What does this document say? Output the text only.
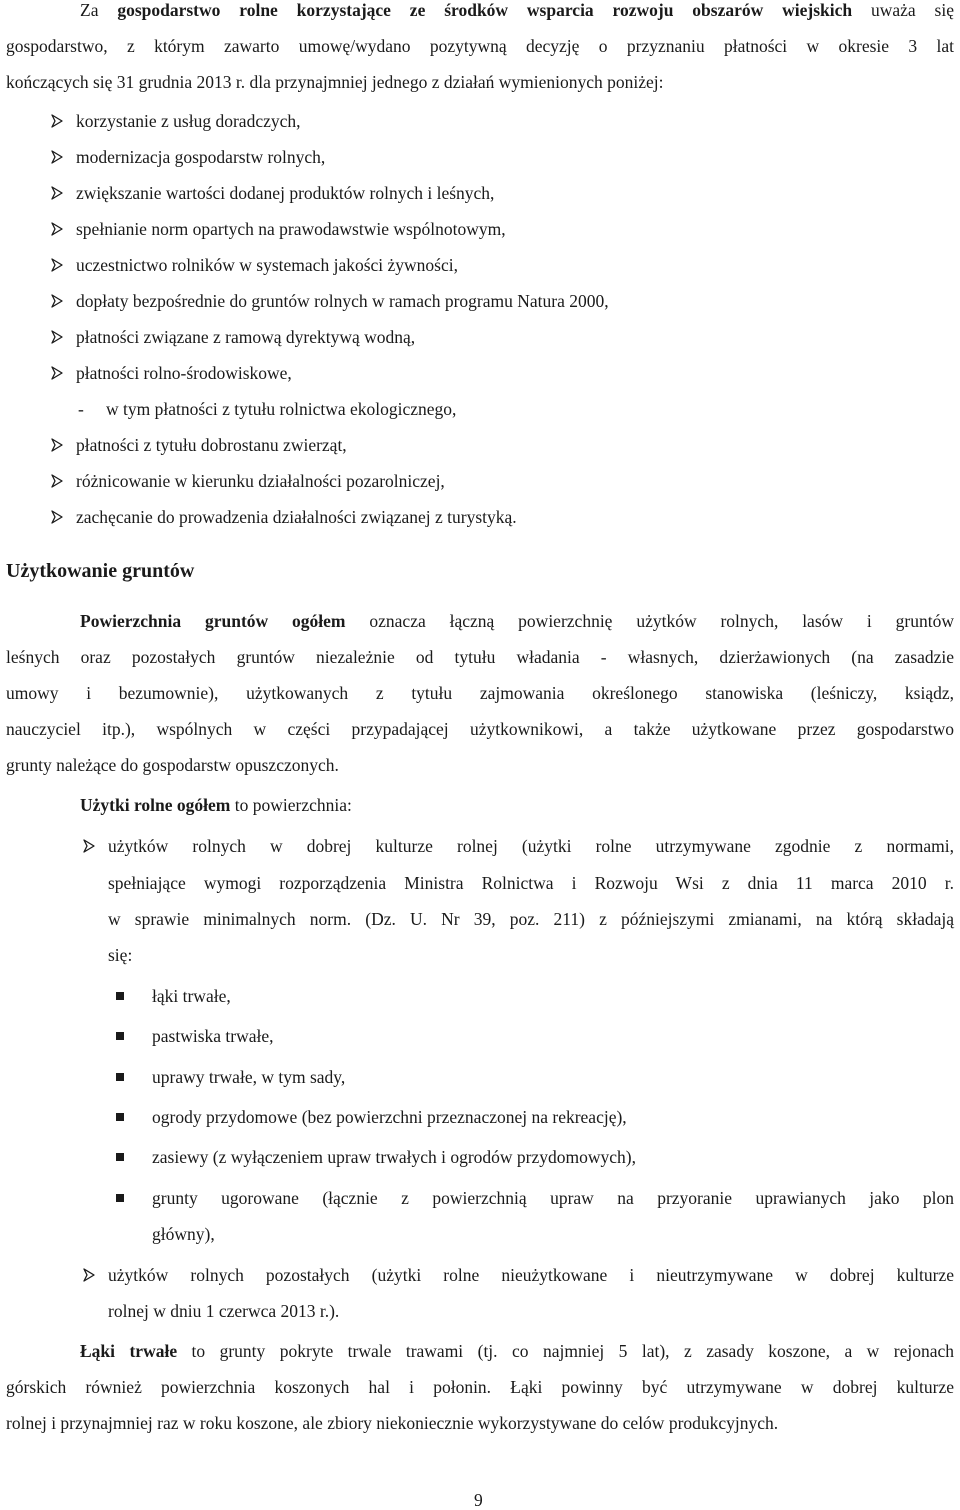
Za gospodarstwo rolne korzystające ze środków wsparcia rozwoju obszarów wiejskich uważa się
gospodarstwo, z którym zawarto umowę/wydano pozytywną decyzję o przyznaniu płatności w okresie 3 lat
kończących się 31 grudnia 2013 r. dla przynajmniej jednego z działań wymienionych poniżej:
korzystanie z usług doradczych,
modernizacja gospodarstw rolnych,
zwiększanie wartości dodanej produktów rolnych i leśnych,
spełnianie norm opartych na prawodawstwie wspólnotowym,
uczestnictwo rolników w systemach jakości żywności,
dopłaty bezpośrednie do gruntów rolnych w ramach programu Natura 2000,
płatności związane z ramową dyrektywą wodną,
płatności rolno-środowiskowe,
- w tym płatności z tytułu rolnictwa ekologicznego,
płatności z tytułu dobrostanu zwierząt,
różnicowanie w kierunku działalności pozarolniczej,
zachęcanie do prowadzenia działalności związanej z turystyką.
Użytkowanie gruntów
Powierzchnia gruntów ogółem oznacza łączną powierzchnię użytków rolnych, lasów i gruntów
leśnych oraz pozostałych gruntów niezależnie od tytułu władania - własnych, dzierżawionych (na zasadzie
umowy i bezumownie), użytkowanych z tytułu zajmowania określonego stanowiska (leśniczy, ksiądz,
nauczyciel itp.), wspólnych w części przypadającej użytkownikowi, a także użytkowane przez gospodarstwo
grunty należące do gospodarstw opuszczonych.
Użytki rolne ogółem to powierzchnia:
użytków rolnych w dobrej kulturze rolnej (użytki rolne utrzymywane zgodnie z normami,
spełniające wymogi rozporządzenia Ministra Rolnictwa i Rozwoju Wsi z dnia 11 marca 2010 r.
w sprawie minimalnych norm. (Dz. U. Nr 39, poz. 211) z późniejszymi zmianami, na którą składają
się:
łąki trwałe,
pastwiska trwałe,
uprawy trwałe, w tym sady,
ogrody przydomowe (bez powierzchni przeznaczonej na rekreację),
zasiewy (z wyłączeniem upraw trwałych i ogrodów przydomowych),
grunty ugorowane (łącznie z powierzchnią upraw na przyoranie uprawianych jako plon
główny),
użytków rolnych pozostałych (użytki rolne nieużytkowane i nieutrzymywane w dobrej kulturze
rolnej w dniu 1 czerwca 2013 r.).
Łąki trwałe to grunty pokryte trwale trawami (tj. co najmniej 5 lat), z zasady koszone, a w rejonach
górskich również powierzchnia koszonych hal i połonin. Łąki powinny być utrzymywane w dobrej kulturze
rolnej i przynajmniej raz w roku koszone, ale zbiory niekoniecznie wykorzystywane do celów produkcyjnych.
9
